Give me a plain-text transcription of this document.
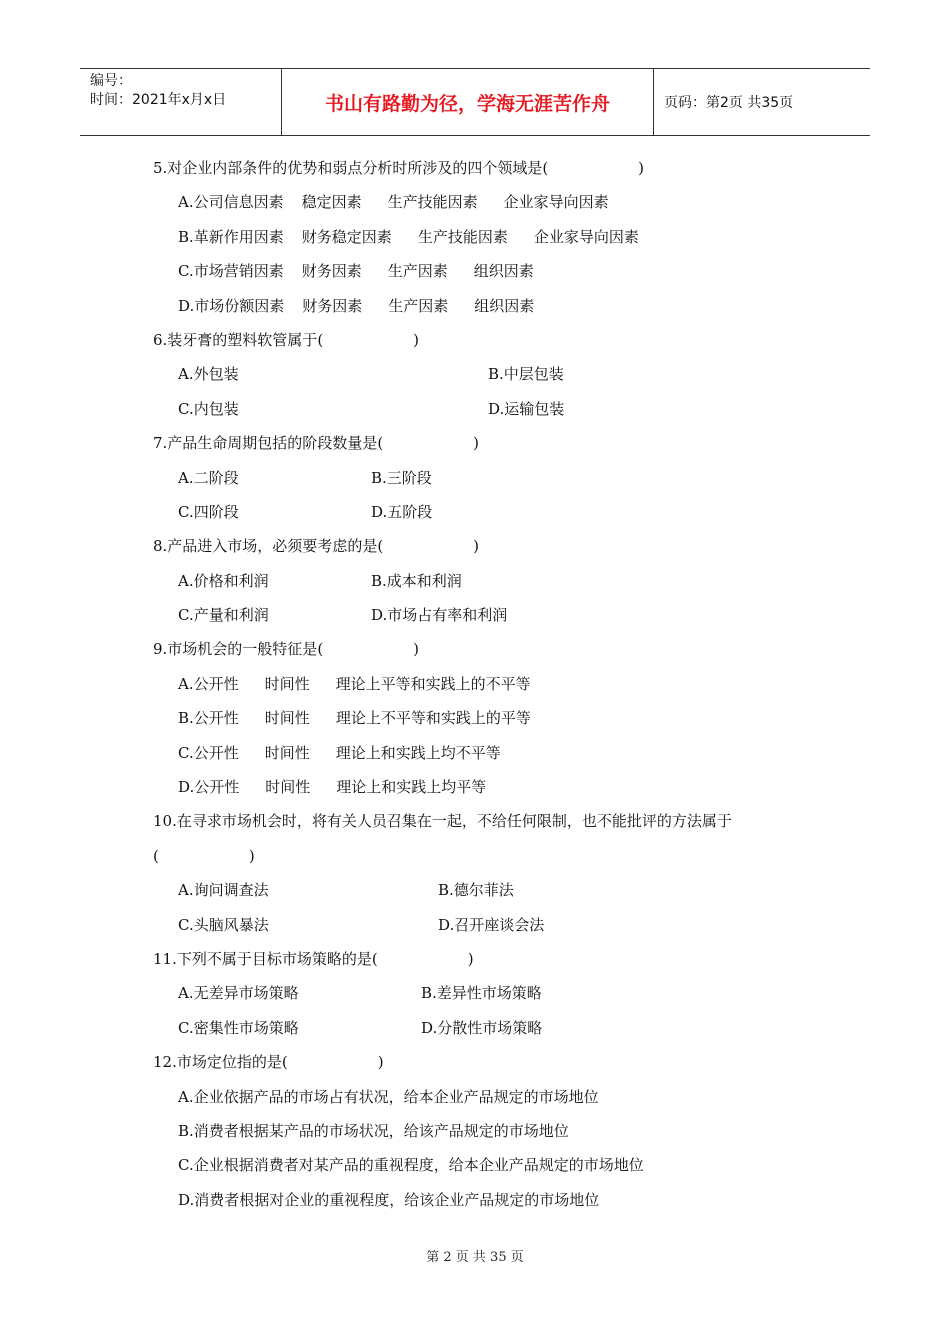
编号：
时间：2021年x月x日	书山有路勤为径，学海无涯苦作舟	页码：第2页 共35页
5.对企业内部条件的优势和弱点分析时所涉及的四个领域是(　　　　　　)
A.公司信息因素 稳定因素 生产技能因素 企业家导向因素
B.革新作用因素 财务稳定因素 生产技能因素 企业家导向因素
C.市场营销因素 财务因素 生产因素 组织因素
D.市场份额因素 财务因素 生产因素 组织因素
6.装牙膏的塑料软管属于(　　　　　　)
A.外包装	B.中层包装
C.内包装	D.运输包装
7.产品生命周期包括的阶段数量是(　　　　　　)
A.二阶段	B.三阶段
C.四阶段	D.五阶段
8.产品进入市场，必须要考虑的是(　　　　　　)
A.价格和利润	B.成本和利润
C.产量和利润	D.市场占有率和利润
9.市场机会的一般特征是(　　　　　　)
A.公开性 时间性 理论上平等和实践上的不平等
B.公开性 时间性 理论上不平等和实践上的平等
C.公开性 时间性 理论上和实践上均不平等
D.公开性 时间性 理论上和实践上均平等
10.在寻求市场机会时，将有关人员召集在一起，不给任何限制，也不能批评的方法属于
(　　　　　　)
A.询问调查法	B.德尔菲法
C.头脑风暴法	D.召开座谈会法
11.下列不属于目标市场策略的是(　　　　　　)
A.无差异市场策略	B.差异性市场策略
C.密集性市场策略	D.分散性市场策略
12.市场定位指的是(　　　　　　)
A.企业依据产品的市场占有状况，给本企业产品规定的市场地位
B.消费者根据某产品的市场状况，给该产品规定的市场地位
C.企业根据消费者对某产品的重视程度，给本企业产品规定的市场地位
D.消费者根据对企业的重视程度，给该企业产品规定的市场地位
第 2 页 共 35 页
